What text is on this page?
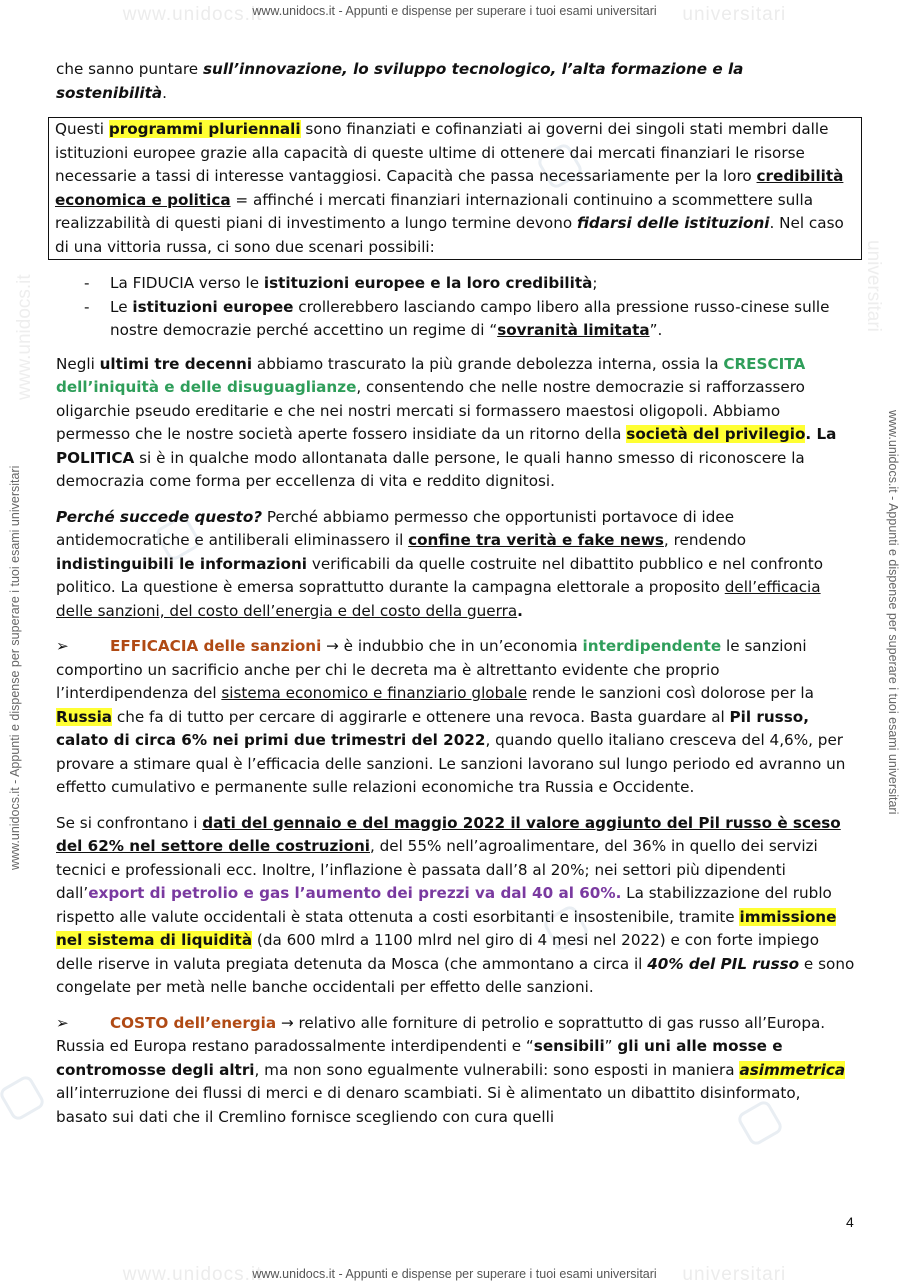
www.unidocs.it	universitari
www.unidocs.it - Appunti e dispense per superare i tuoi esami universitari
www.unidocs.it	universitari
www.unidocs.it - Appunti e dispense per superare i tuoi esami universitari
www.unidocs.it - Appunti e dispense per superare i tuoi esami universitari	www.unidocs.it - Appunti e dispense per superare i tuoi esami universitari
www.unidocs.it	universitari

che sanno puntare sull’innovazione, lo sviluppo tecnologico, l’alta formazione e la sostenibilità.

Questi programmi pluriennali sono finanziati e cofinanziati ai governi dei singoli stati membri dalle istituzioni europee grazie alla capacità di queste ultime di ottenere dai mercati finanziari le risorse necessarie a tassi di interesse vantaggiosi. Capacità che passa necessariamente per la loro credibilità economica e politica = affinché i mercati finanziari internazionali continuino a scommettere sulla realizzabilità di questi piani di investimento a lungo termine devono fidarsi delle istituzioni. Nel caso di una vittoria russa, ci sono due scenari possibili:

- La FIDUCIA verso le istituzioni europee e la loro credibilità;
- Le istituzioni europee crollerebbero lasciando campo libero alla pressione russo-cinese sulle nostre democrazie perché accettino un regime di “sovranità limitata”.

Negli ultimi tre decenni abbiamo trascurato la più grande debolezza interna, ossia la CRESCITA dell’iniquità e delle disuguaglianze, consentendo che nelle nostre democrazie si rafforzassero oligarchie pseudo ereditarie e che nei nostri mercati si formassero maestosi oligopoli. Abbiamo permesso che le nostre società aperte fossero insidiate da un ritorno della società del privilegio. La POLITICA si è in qualche modo allontanata dalle persone, le quali hanno smesso di riconoscere la democrazia come forma per eccellenza di vita e reddito dignitosi.

Perché succede questo? Perché abbiamo permesso che opportunisti portavoce di idee antidemocratiche e antiliberali eliminassero il confine tra verità e fake news, rendendo indistinguibili le informazioni verificabili da quelle costruite nel dibattito pubblico e nel confronto politico. La questione è emersa soprattutto durante la campagna elettorale a proposito dell’efficacia delle sanzioni, del costo dell’energia e del costo della guerra.

➢	EFFICACIA delle sanzioni → è indubbio che in un’economia interdipendente le sanzioni comportino un sacrificio anche per chi le decreta ma è altrettanto evidente che proprio l’interdipendenza del sistema economico e finanziario globale rende le sanzioni così dolorose per la Russia che fa di tutto per cercare di aggirarle e ottenere una revoca. Basta guardare al Pil russo, calato di circa 6% nei primi due trimestri del 2022, quando quello italiano cresceva del 4,6%, per provare a stimare qual è l’efficacia delle sanzioni. Le sanzioni lavorano sul lungo periodo ed avranno un effetto cumulativo e permanente sulle relazioni economiche tra Russia e Occidente.

Se si confrontano i dati del gennaio e del maggio 2022 il valore aggiunto del Pil russo è sceso del 62% nel settore delle costruzioni, del 55% nell’agroalimentare, del 36% in quello dei servizi tecnici e professionali ecc. Inoltre, l’inflazione è passata dall’8 al 20%; nei settori più dipendenti dall’export di petrolio e gas l’aumento dei prezzi va dal 40 al 60%. La stabilizzazione del rublo rispetto alle valute occidentali è stata ottenuta a costi esorbitanti e insostenibile, tramite immissione nel sistema di liquidità (da 600 mlrd a 1100 mlrd nel giro di 4 mesi nel 2022) e con forte impiego delle riserve in valuta pregiata detenuta da Mosca (che ammontano a circa il 40% del PIL russo e sono congelate per metà nelle banche occidentali per effetto delle sanzioni.

➢	COSTO dell’energia → relativo alle forniture di petrolio e soprattutto di gas russo all’Europa. Russia ed Europa restano paradossalmente interdipendenti e “sensibili” gli uni alle mosse e contromosse degli altri, ma non sono egualmente vulnerabili: sono esposti in maniera asimmetrica all’interruzione dei flussi di merci e di denaro scambiati. Si è alimentato un dibattito disinformato, basato sui dati che il Cremlino fornisce scegliendo con cura quelli

4
